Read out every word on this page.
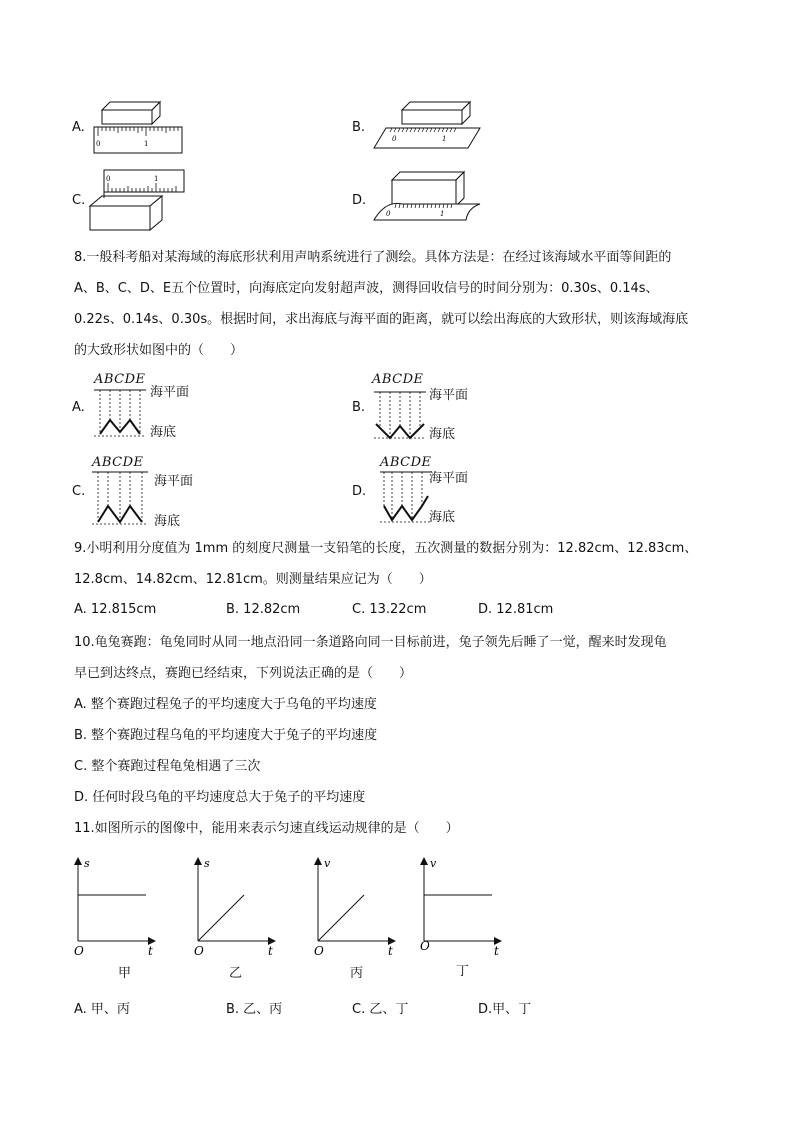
A.
0	1
B.
0	1
C.
0	1
D.
0	1
8.一般科考船对某海域的海底形状利用声呐系统进行了测绘。具体方法是：在经过该海域水平面等间距的
A、B、C、D、E五个位置时，向海底定向发射超声波，测得回收信号的时间分别为：0.30s、0.14s、
0.22s、0.14s、0.30s。根据时间，求出海底与海平面的距离，就可以绘出海底的大致形状，则该海域海底
的大致形状如图中的（　　）
A.
ABCDE
海平面
海底
B.
ABCDE
海平面
海底
C.
ABCDE
海平面
海底
D.
ABCDE
海平面
海底
9.小明利用分度值为 1mm 的刻度尺测量一支铅笔的长度，五次测量的数据分别为：12.82cm、12.83cm、
12.8cm、14.82cm、12.81cm。则测量结果应记为（　　）
A. 12.815cm	B. 12.82cm	C. 13.22cm	D. 12.81cm
10.龟兔赛跑：龟兔同时从同一地点沿同一条道路向同一目标前进，兔子领先后睡了一觉，醒来时发现龟
早已到达终点，赛跑已经结束，下列说法正确的是（　　）
A. 整个赛跑过程兔子的平均速度大于乌龟的平均速度
B. 整个赛跑过程乌龟的平均速度大于兔子的平均速度
C. 整个赛跑过程龟兔相遇了三次
D. 任何时段乌龟的平均速度总大于兔子的平均速度
11.如图所示的图像中，能用来表示匀速直线运动规律的是（　　）
s
t
O
甲
s
t
O
乙
v
t
O
丙
v
t
O
丁
A. 甲、丙	B. 乙、丙	C. 乙、丁	D.甲、丁
